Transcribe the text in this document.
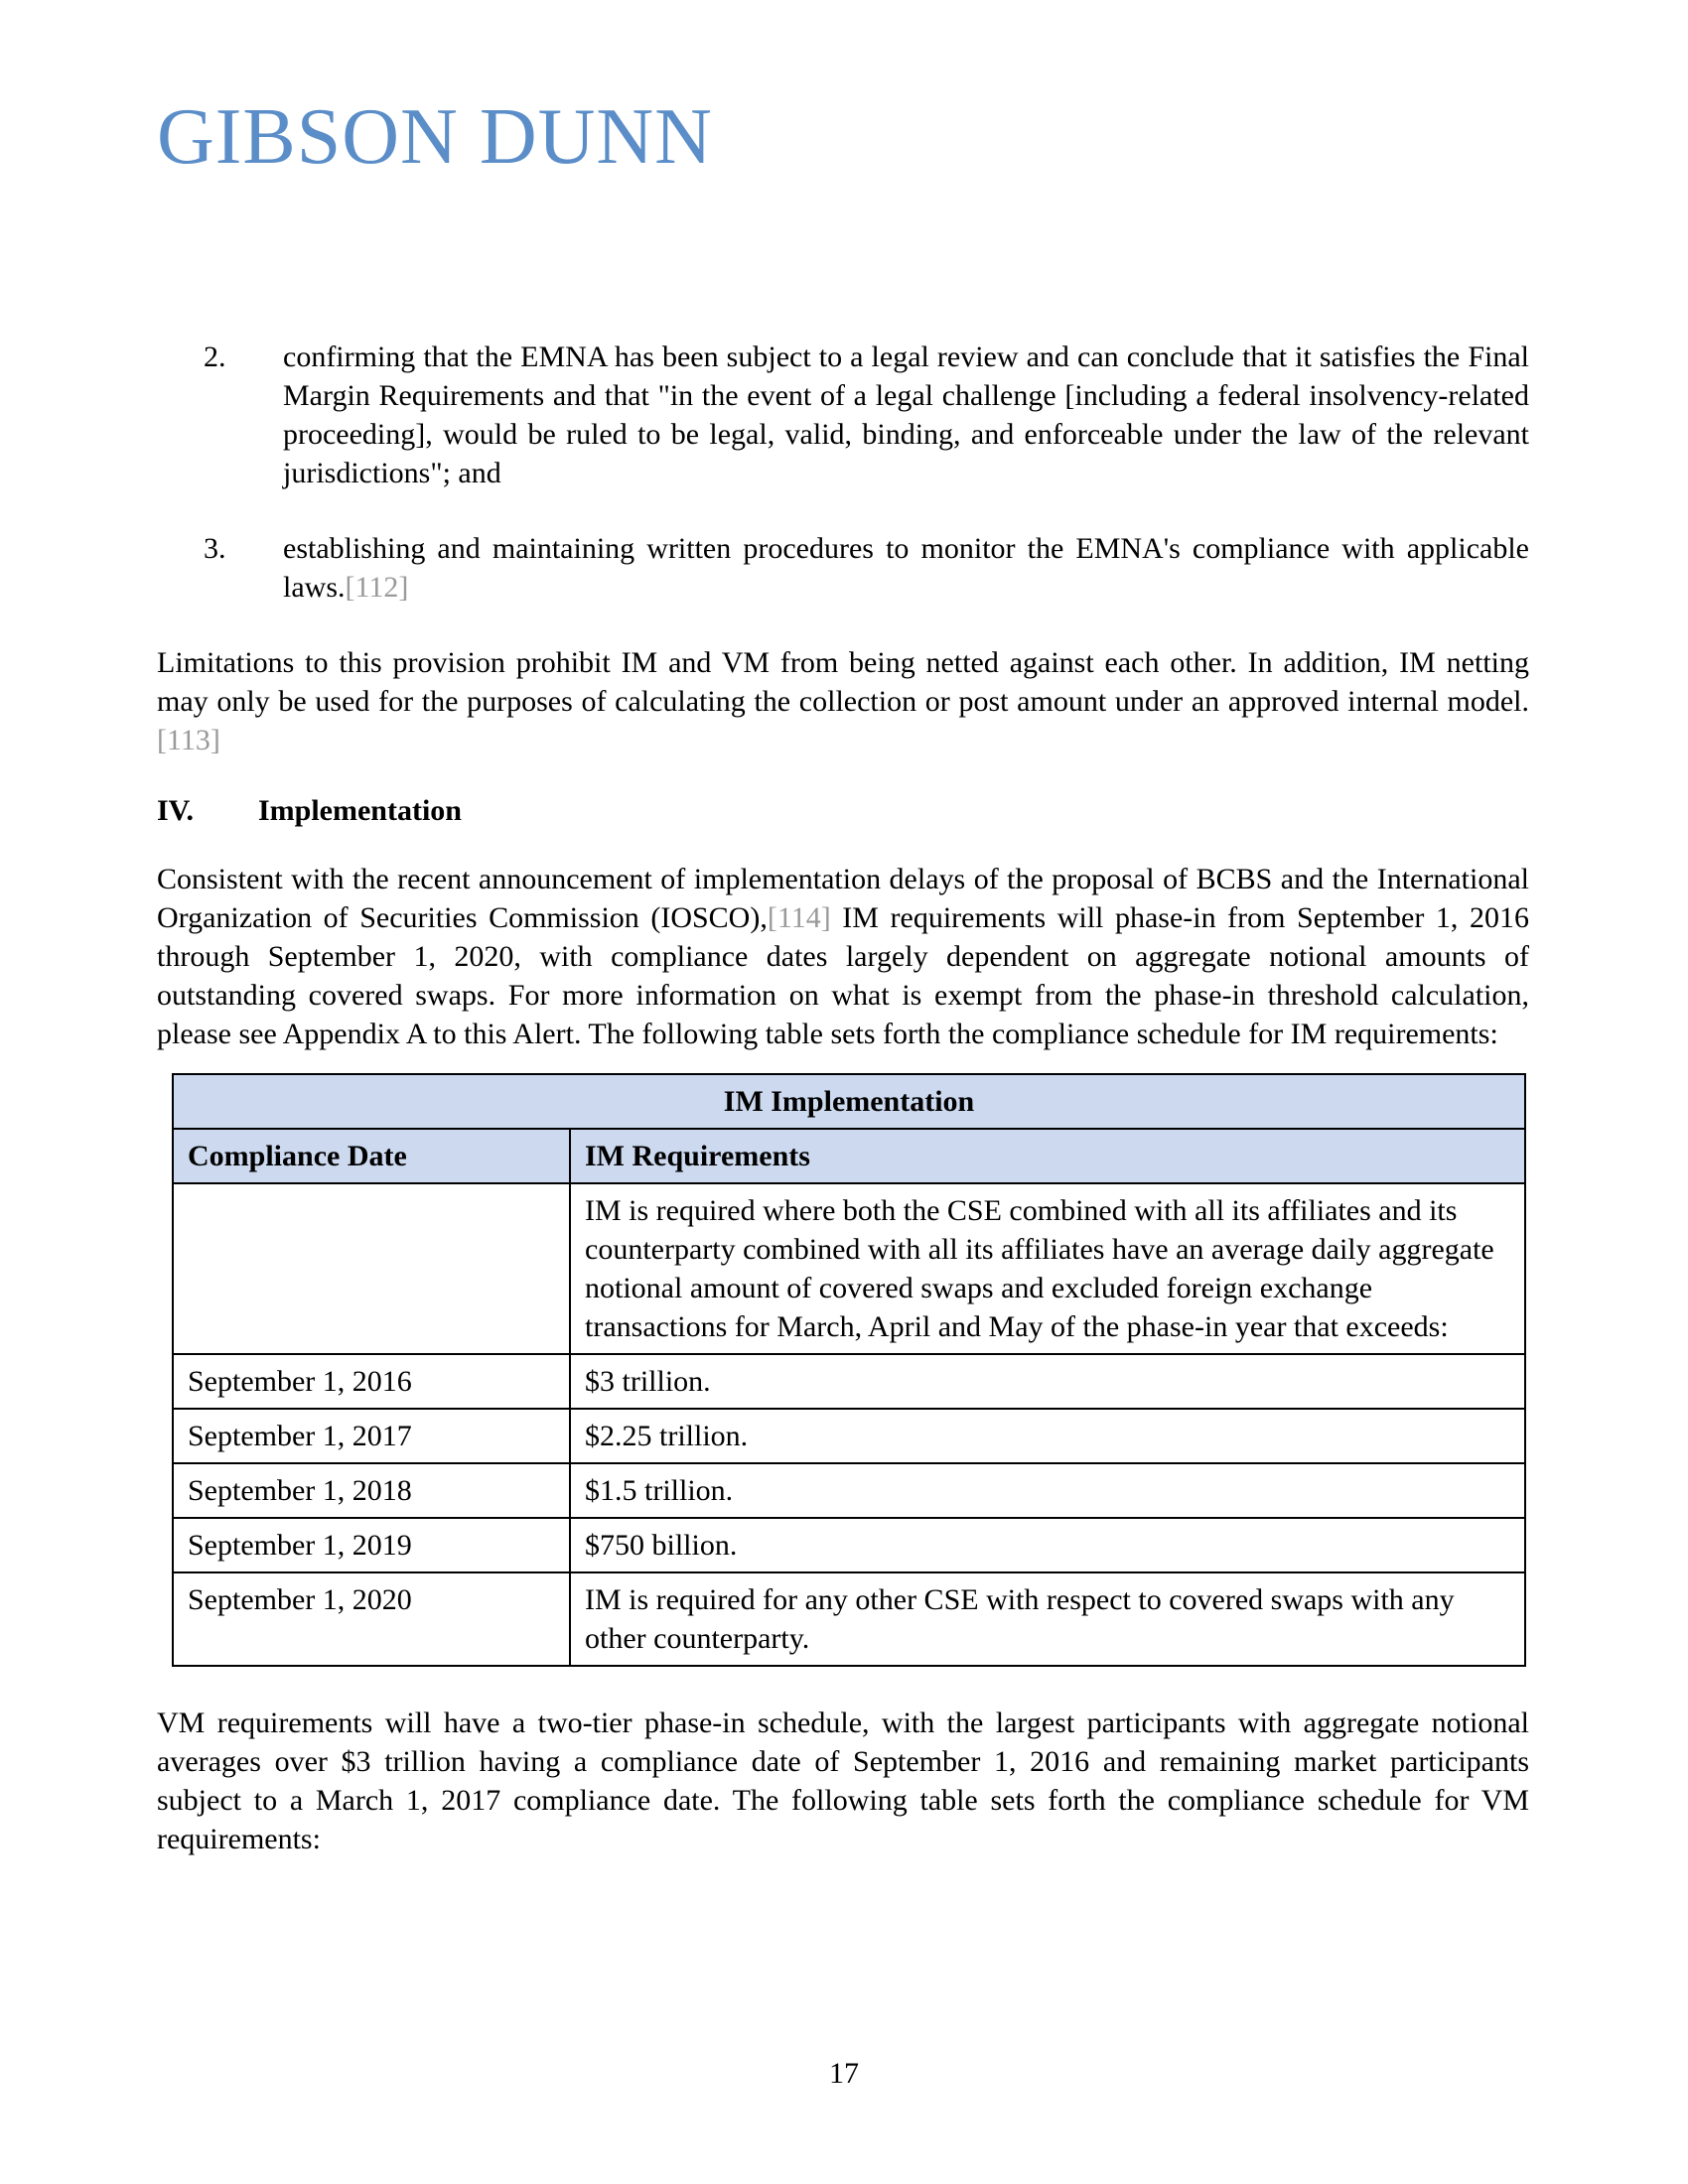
GIBSON DUNN
2. confirming that the EMNA has been subject to a legal review and can conclude that it satisfies the Final Margin Requirements and that "in the event of a legal challenge [including a federal insolvency-related proceeding], would be ruled to be legal, valid, binding, and enforceable under the law of the relevant jurisdictions"; and
3. establishing and maintaining written procedures to monitor the EMNA's compliance with applicable laws.[112]
Limitations to this provision prohibit IM and VM from being netted against each other. In addition, IM netting may only be used for the purposes of calculating the collection or post amount under an approved internal model.[113]
IV. Implementation
Consistent with the recent announcement of implementation delays of the proposal of BCBS and the International Organization of Securities Commission (IOSCO),[114] IM requirements will phase-in from September 1, 2016 through September 1, 2020, with compliance dates largely dependent on aggregate notional amounts of outstanding covered swaps. For more information on what is exempt from the phase-in threshold calculation, please see Appendix A to this Alert. The following table sets forth the compliance schedule for IM requirements:
IM Implementation	
Compliance Date	IM Requirements
	IM is required where both the CSE combined with all its affiliates and its counterparty combined with all its affiliates have an average daily aggregate notional amount of covered swaps and excluded foreign exchange transactions for March, April and May of the phase-in year that exceeds:
September 1, 2016	$3 trillion.
September 1, 2017	$2.25 trillion.
September 1, 2018	$1.5 trillion.
September 1, 2019	$750 billion.
September 1, 2020	IM is required for any other CSE with respect to covered swaps with any other counterparty.
VM requirements will have a two-tier phase-in schedule, with the largest participants with aggregate notional averages over $3 trillion having a compliance date of September 1, 2016 and remaining market participants subject to a March 1, 2017 compliance date. The following table sets forth the compliance schedule for VM requirements:
17
